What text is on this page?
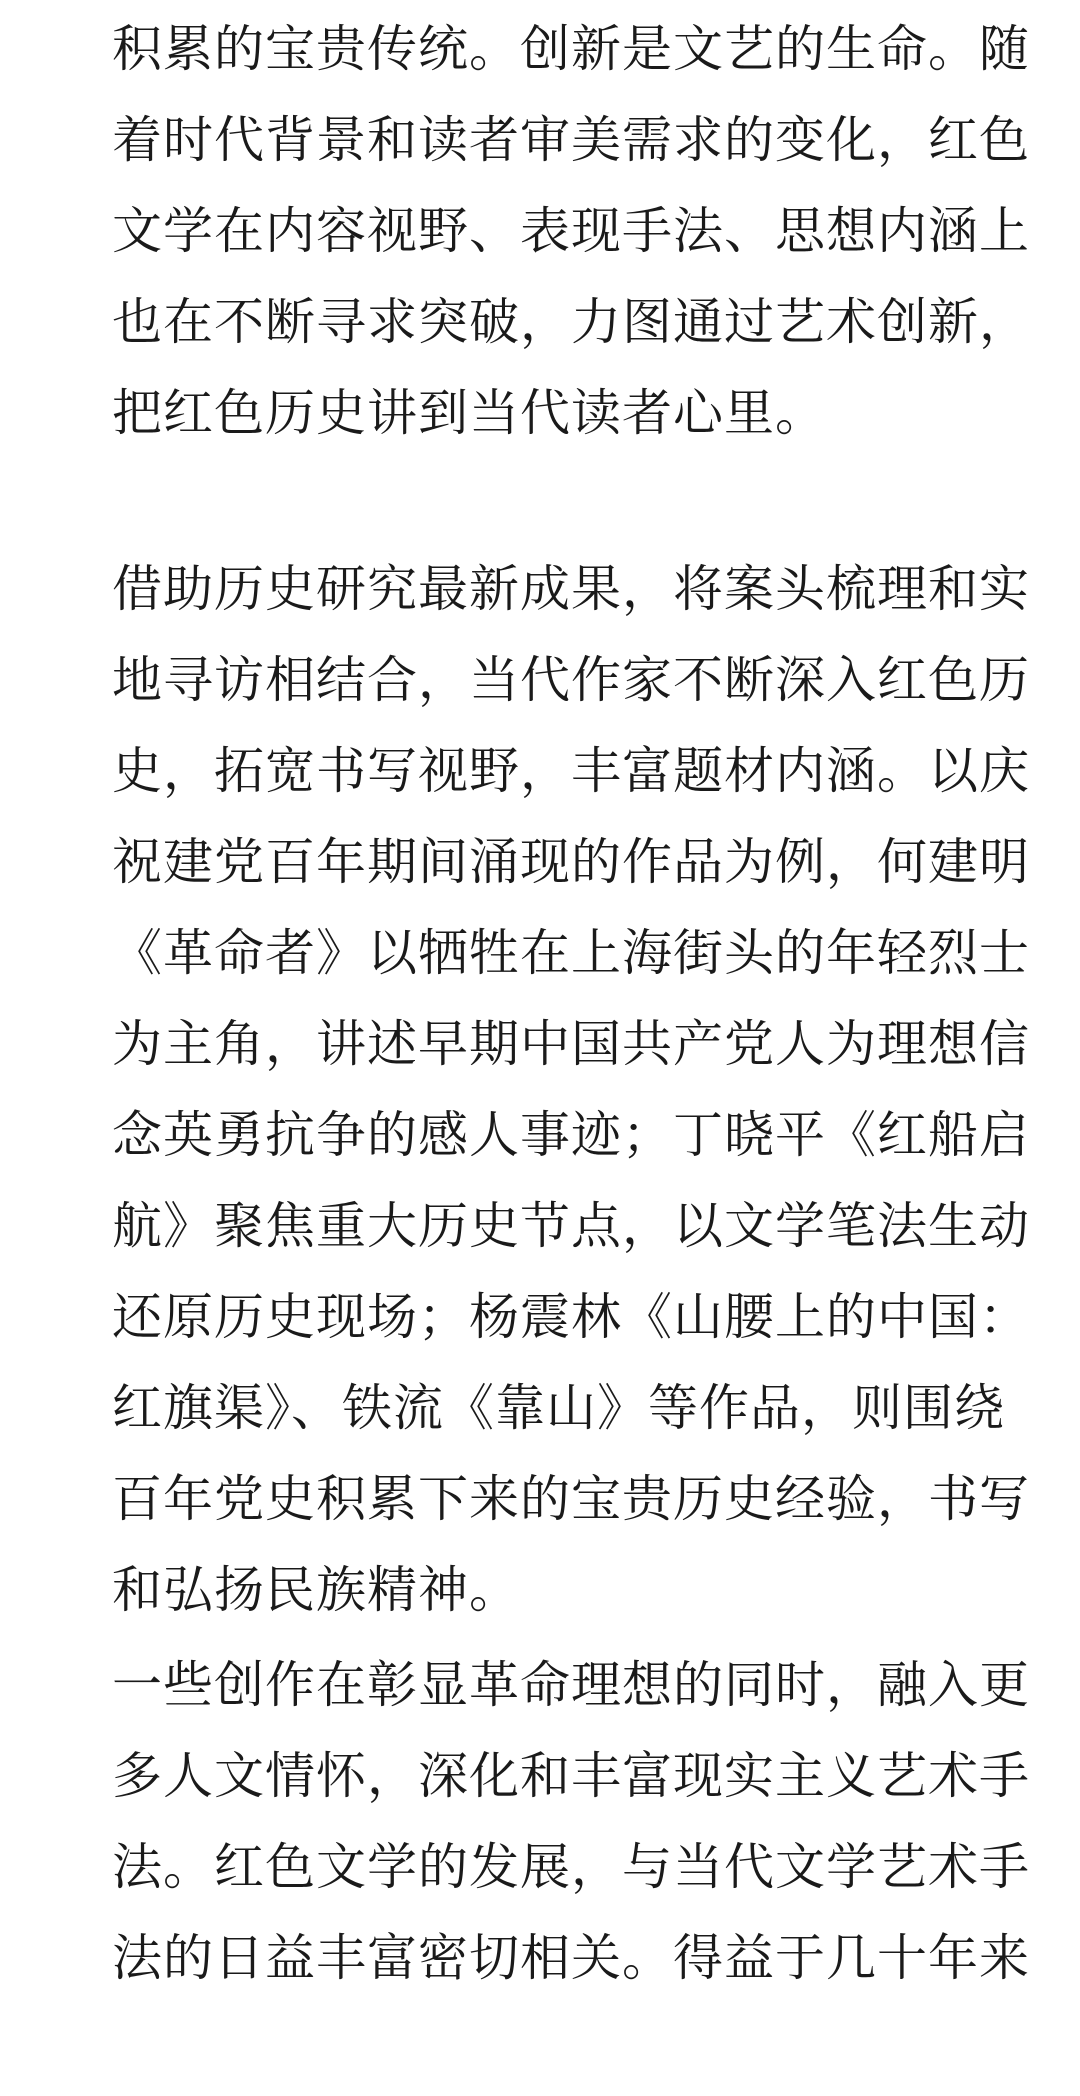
积累的宝贵传统。创新是文艺的生命。随
着时代背景和读者审美需求的变化，红色
文学在内容视野、表现手法、思想内涵上
也在不断寻求突破，力图通过艺术创新，
把红色历史讲到当代读者心里。
借助历史研究最新成果，将案头梳理和实
地寻访相结合，当代作家不断深入红色历
史，拓宽书写视野，丰富题材内涵。以庆
祝建党百年期间涌现的作品为例，何建明
《革命者》以牺牲在上海街头的年轻烈士
为主角，讲述早期中国共产党人为理想信
念英勇抗争的感人事迹；丁晓平《红船启
航》聚焦重大历史节点，以文学笔法生动
还原历史现场；杨震林《山腰上的中国：
红旗渠》、铁流《靠山》等作品，则围绕
百年党史积累下来的宝贵历史经验，书写
和弘扬民族精神。
一些创作在彰显革命理想的同时，融入更
多人文情怀，深化和丰富现实主义艺术手
法。红色文学的发展，与当代文学艺术手
法的日益丰富密切相关。得益于几十年来
